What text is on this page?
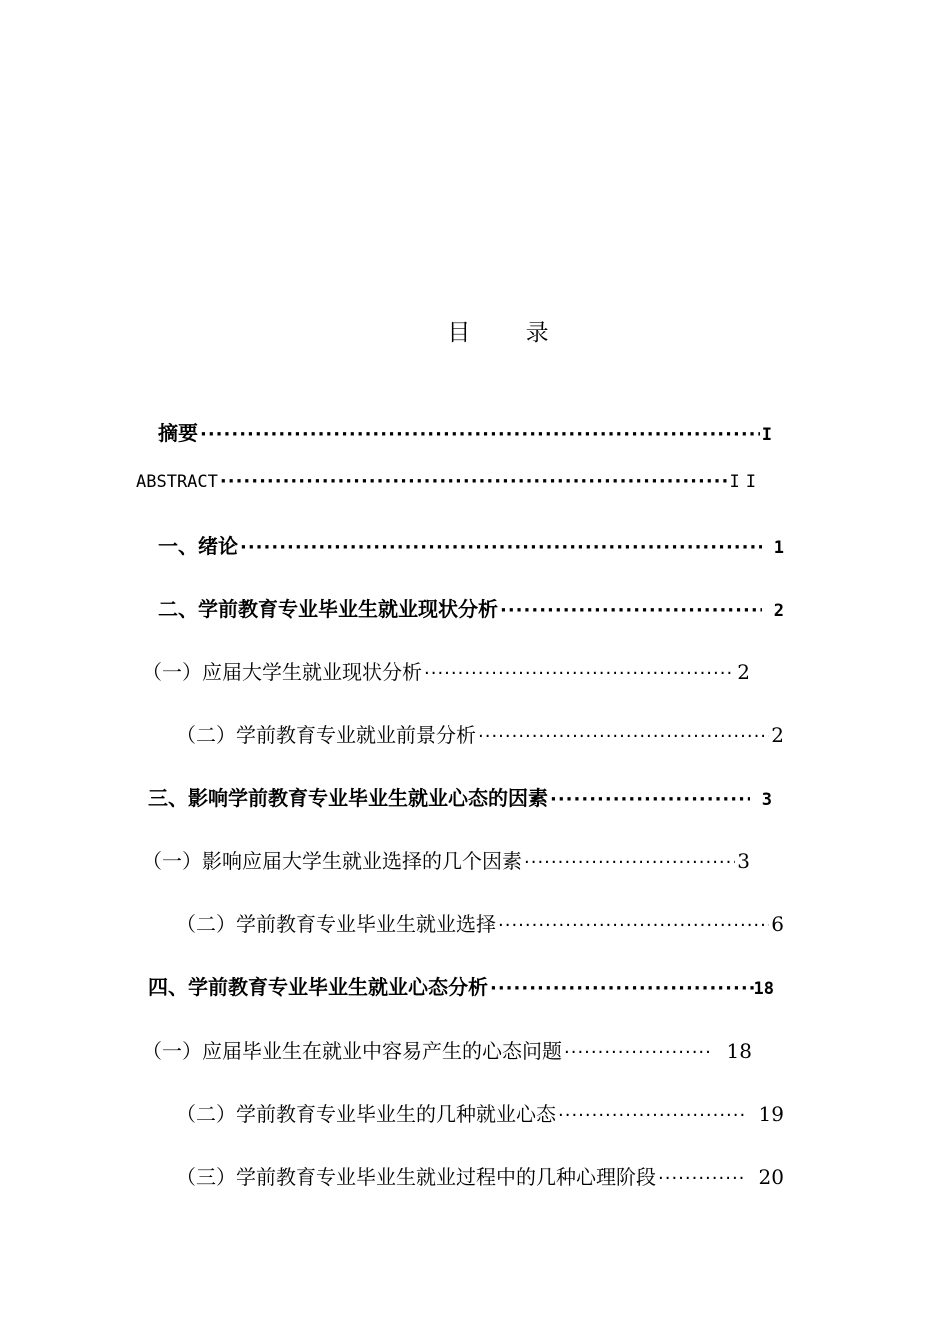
目 录
摘要 ·····	I
ABSTRACT ·····	II
一、绪论 ·····	1
二、学前教育专业毕业生就业现状分析 ·····	2
（一）应届大学生就业现状分析 ·····	2
（二）学前教育专业就业前景分析 ·····	2
三、影响学前教育专业毕业生就业心态的因素 ·····	3
（一）影响应届大学生就业选择的几个因素 ·····	3
（二）学前教育专业毕业生就业选择 ·····	6
四、学前教育专业毕业生就业心态分析 ·····	18
（一）应届毕业生在就业中容易产生的心态问题 ·····	18
（二）学前教育专业毕业生的几种就业心态 ·····	19
（三）学前教育专业毕业生就业过程中的几种心理阶段 ·····	20
